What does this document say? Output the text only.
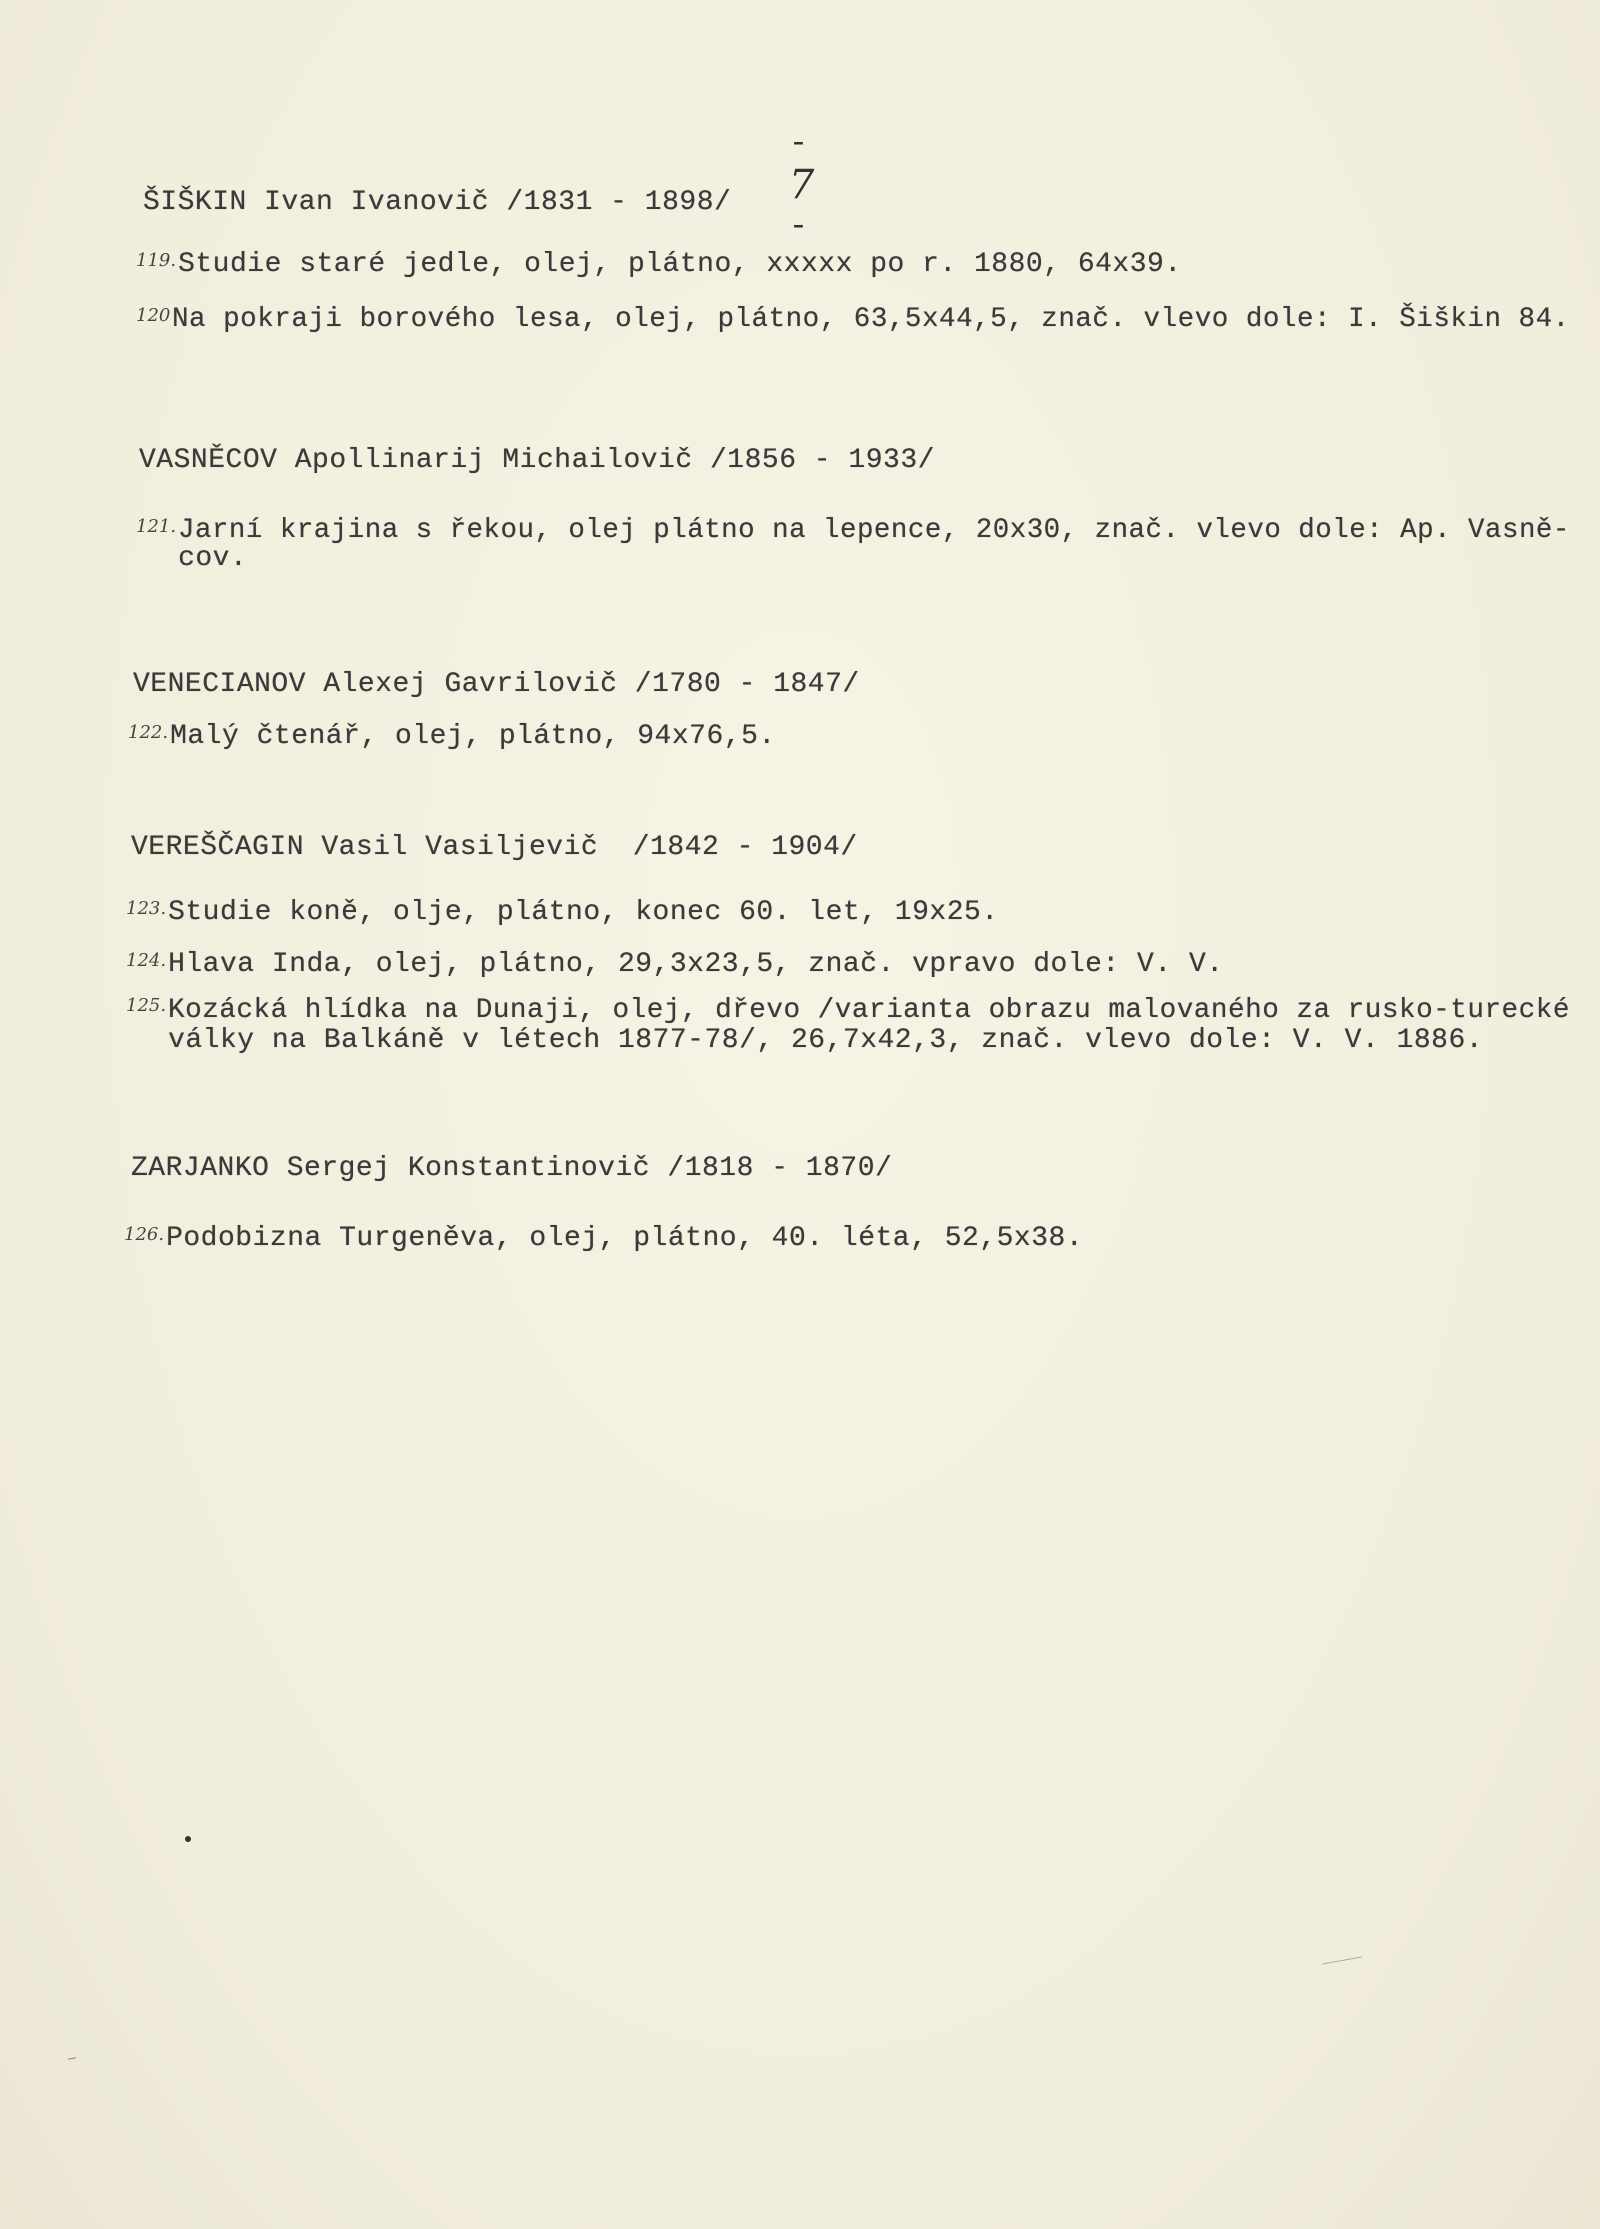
-
7
-

ŠIŠKIN Ivan Ivanovič /1831 - 1898/
119. Studie staré jedle, olej, plátno, xxxxx po r. 1880, 64x39.
120 Na pokraji borového lesa, olej, plátno, 63,5x44,5, znač. vlevo dole: I. Šiškin 84.
VASNĚCOV Apollinarij Michailovič /1856 - 1933/
121. Jarní krajina s řekou, olej plátno na lepence, 20x30, znač. vlevo dole: Ap. Vasně-
cov.
VENECIANOV Alexej Gavrilovič /1780 - 1847/
122. Malý čtenář, olej, plátno, 94x76,5.
VEREŠČAGIN Vasil Vasiljevič  /1842 - 1904/
123. Studie koně, olje, plátno, konec 60. let, 19x25.
124. Hlava Inda, olej, plátno, 29,3x23,5, znač. vpravo dole: V. V.
125. Kozácká hlídka na Dunaji, olej, dřevo /varianta obrazu malovaného za rusko-turecké
války na Balkáně v létech 1877-78/, 26,7x42,3, znač. vlevo dole: V. V. 1886.
ZARJANKO Sergej Konstantinovič /1818 - 1870/
126. Podobizna Turgeněva, olej, plátno, 40. léta, 52,5x38.
